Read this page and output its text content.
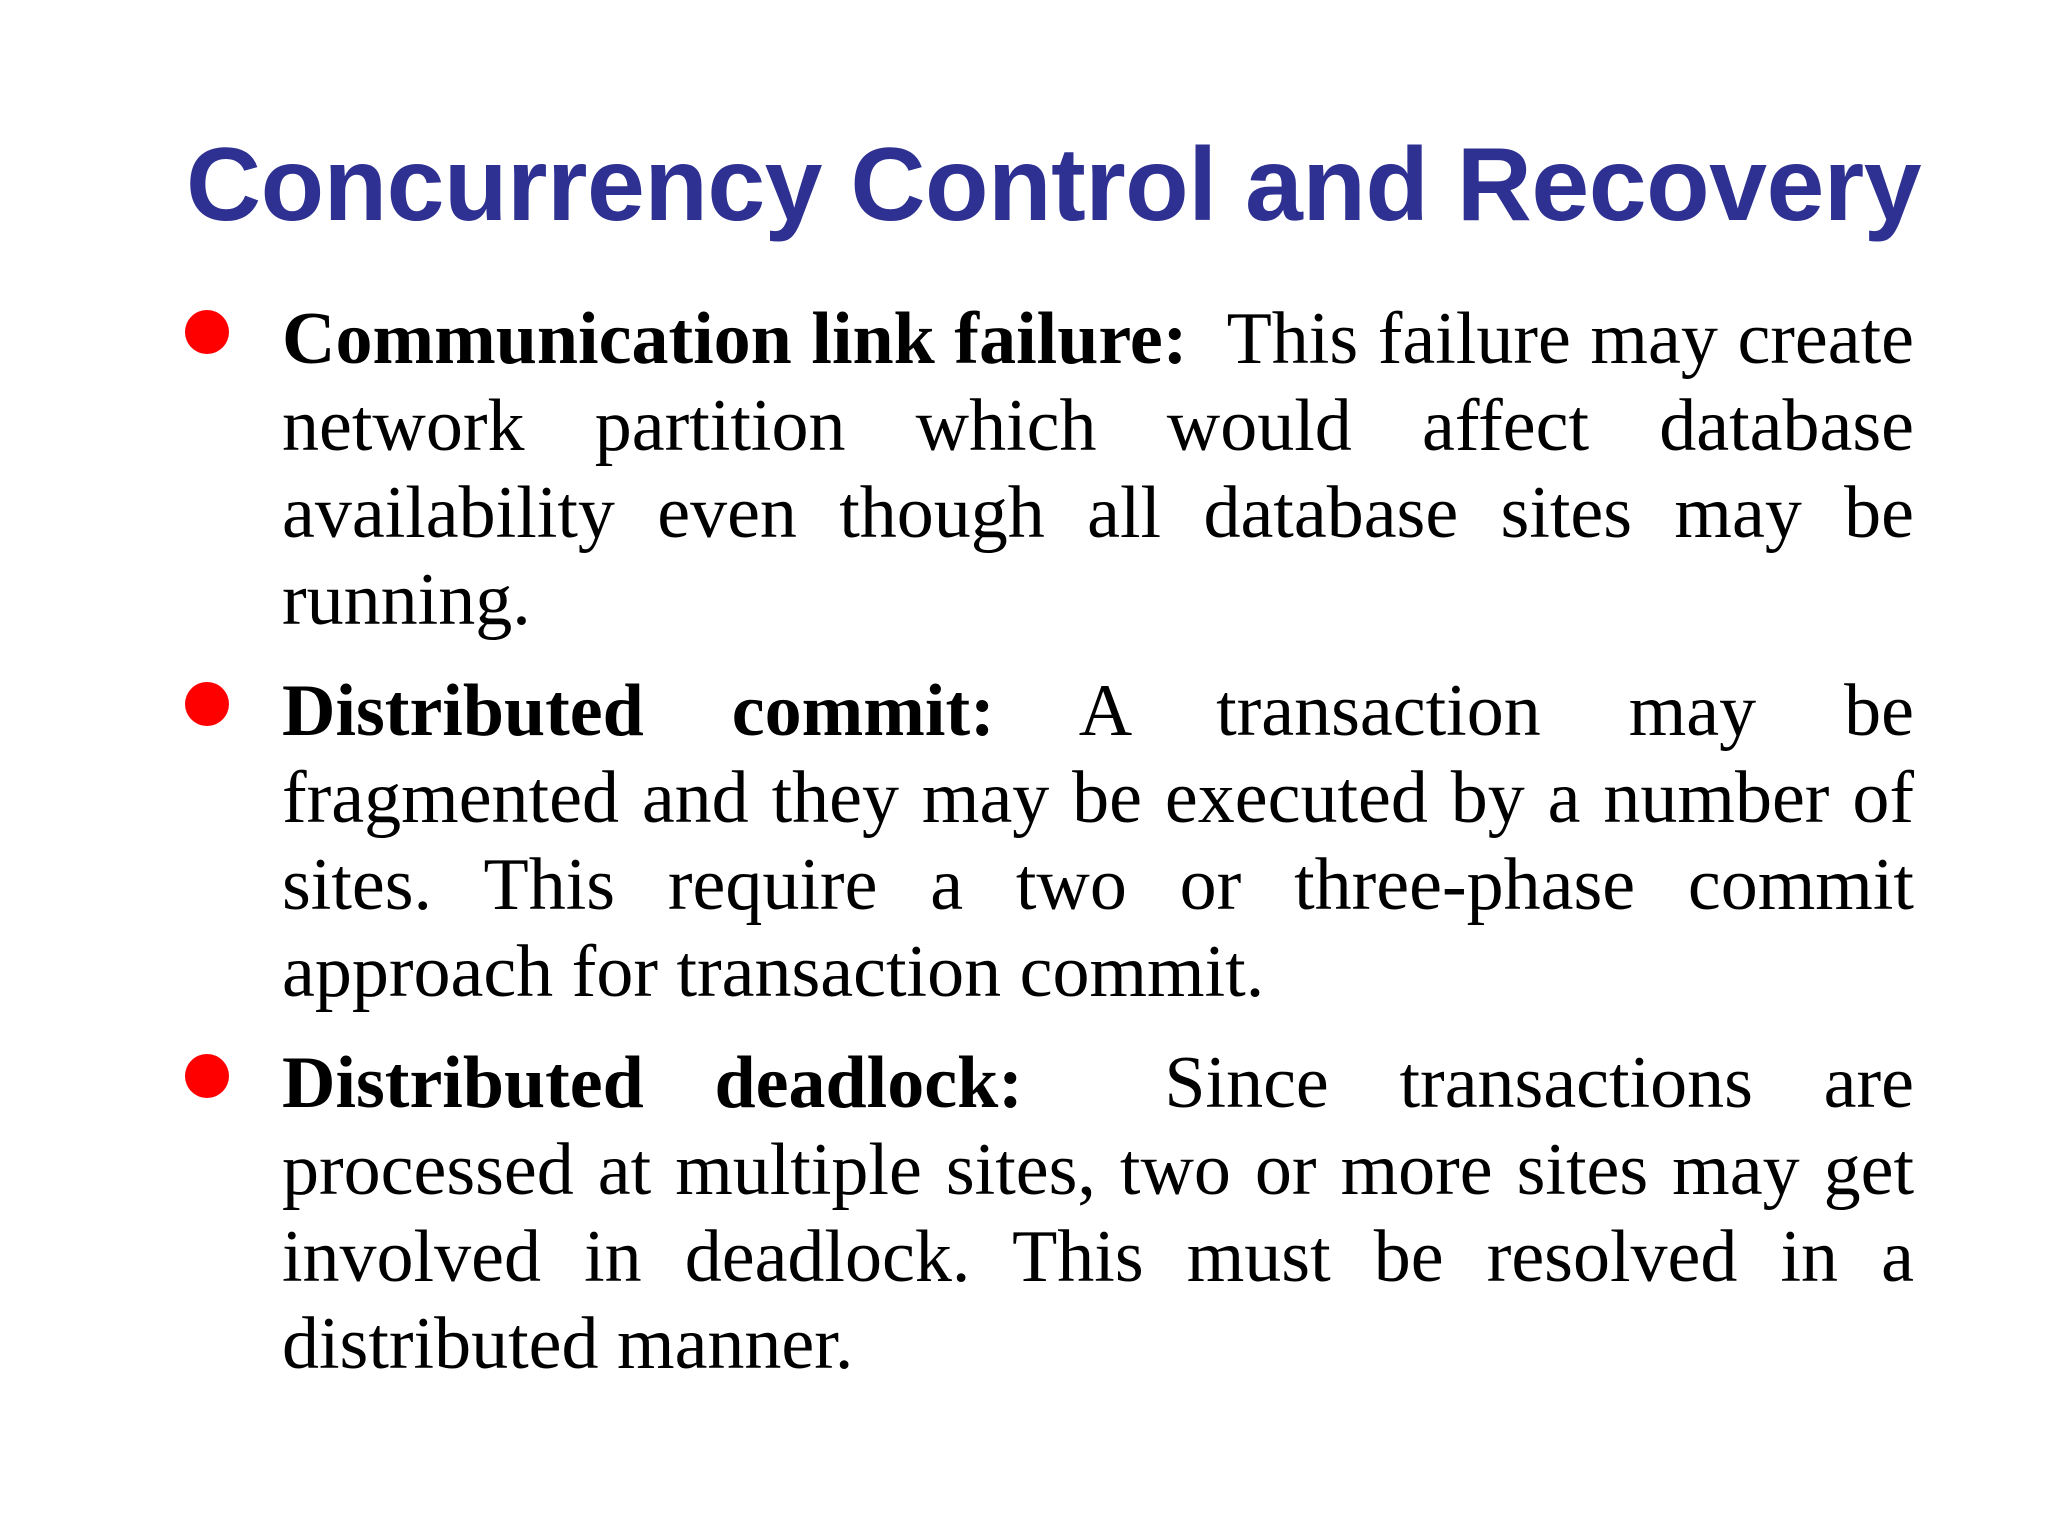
Concurrency Control and Recovery
Communication link failure: This failure may create network partition which would affect database availability even though all database sites may be running.
Distributed commit: A transaction may be fragmented and they may be executed by a number of sites. This require a two or three-phase commit approach for transaction commit.
Distributed deadlock: Since transactions are processed at multiple sites, two or more sites may get involved in deadlock. This must be resolved in a distributed manner.
